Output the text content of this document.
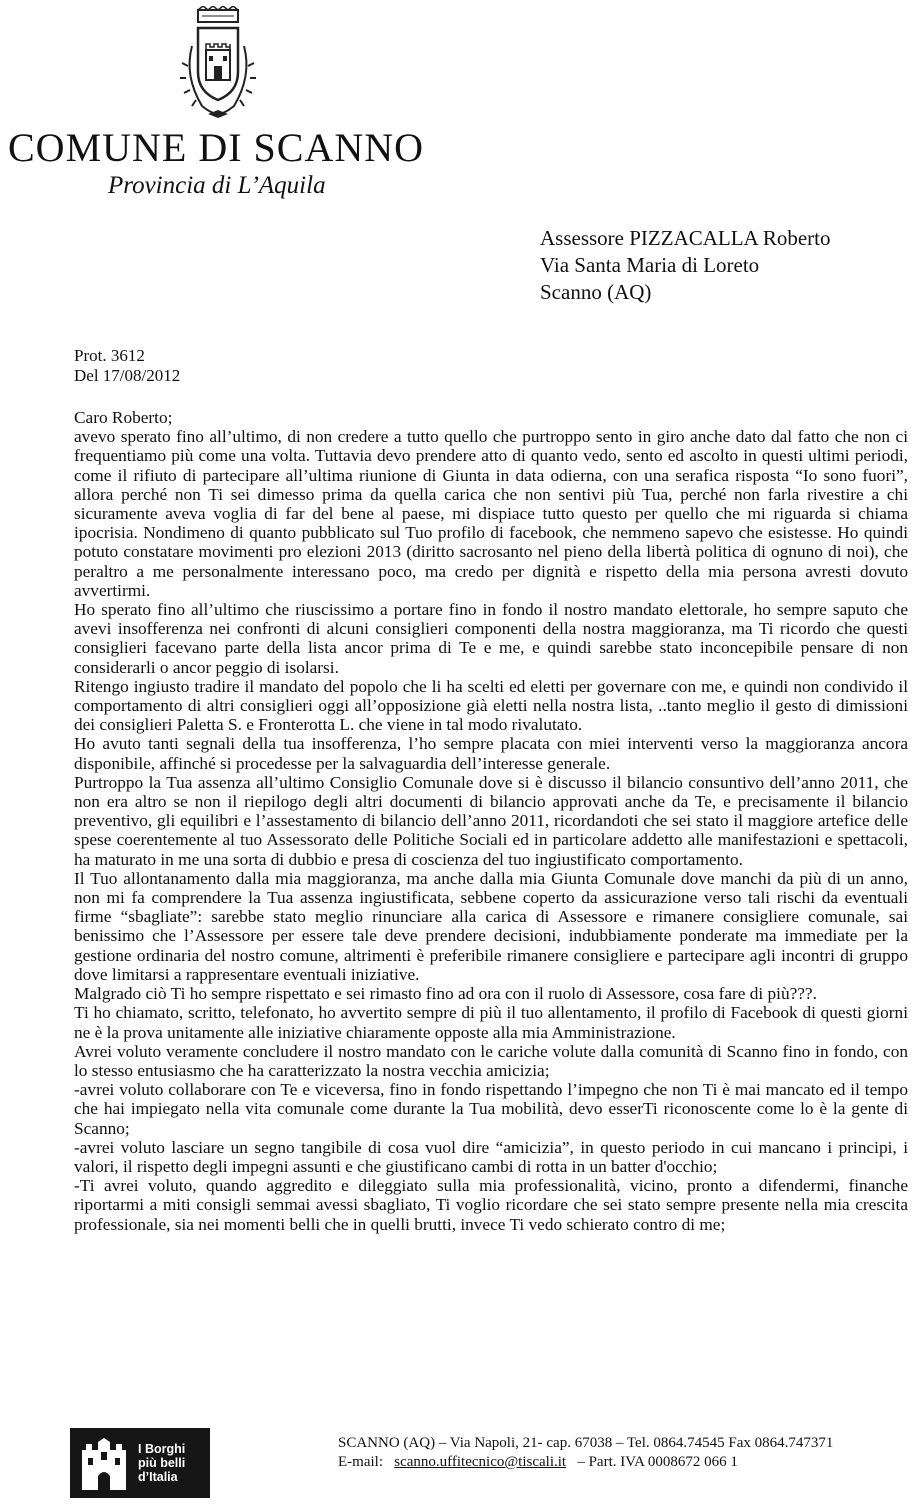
COMUNE DI SCANNO
Provincia di L’Aquila
Assessore PIZZACALLA Roberto
Via Santa Maria di Loreto
Scanno (AQ)
Prot. 3612
Del 17/08/2012

Caro Roberto;

avevo sperato fino all’ultimo, di non credere a tutto quello che purtroppo sento in giro anche dato dal fatto che non ci frequentiamo più come una volta. Tuttavia devo prendere atto di quanto vedo, sento ed ascolto in questi ultimi periodi, come il rifiuto di partecipare all’ultima riunione di Giunta in data odierna, con una serafica risposta “Io sono fuori”, allora perché non Ti sei dimesso prima da quella carica che non sentivi più Tua, perché non farla rivestire a chi sicuramente aveva voglia di far del bene al paese, mi dispiace tutto questo per quello che mi riguarda si chiama ipocrisia. Nondimeno di quanto pubblicato sul Tuo profilo di facebook, che nemmeno sapevo che esistesse. Ho quindi potuto constatare movimenti pro elezioni 2013 (diritto sacrosanto nel pieno della libertà politica di ognuno di noi), che peraltro a me personalmente interessano poco, ma credo per dignità e rispetto della mia persona avresti dovuto avvertirmi.

Ho sperato fino all’ultimo che riuscissimo a portare fino in fondo il nostro mandato elettorale, ho sempre saputo che avevi insofferenza nei confronti di alcuni consiglieri componenti della nostra maggioranza, ma Ti ricordo che questi consiglieri facevano parte della lista ancor prima di Te e me, e quindi sarebbe stato inconcepibile pensare di non considerarli o ancor peggio di isolarsi.

Ritengo ingiusto tradire il mandato del popolo che li ha scelti ed eletti per governare con me, e quindi non condivido il comportamento di altri consiglieri oggi all’opposizione già eletti nella nostra lista, ..tanto meglio il gesto di dimissioni dei consiglieri Paletta S. e Fronterotta L. che viene in tal modo rivalutato.

Ho avuto tanti segnali della tua insofferenza, l’ho sempre placata con miei interventi verso la maggioranza ancora disponibile, affinché si procedesse per la salvaguardia dell’interesse generale.

Purtroppo la Tua assenza all’ultimo Consiglio Comunale dove si è discusso il bilancio consuntivo dell’anno 2011, che non era altro se non il riepilogo degli altri documenti di bilancio approvati anche da Te, e precisamente il bilancio preventivo, gli equilibri e l’assestamento di bilancio dell’anno 2011, ricordandoti che sei stato il maggiore artefice delle spese coerentemente al tuo Assessorato delle Politiche Sociali ed in particolare addetto alle manifestazioni e spettacoli, ha maturato in me una sorta di dubbio e presa di coscienza del tuo ingiustificato comportamento.

Il Tuo allontanamento dalla mia maggioranza, ma anche dalla mia Giunta Comunale dove manchi da più di un anno, non mi fa comprendere la Tua assenza ingiustificata, sebbene coperto da assicurazione verso tali rischi da eventuali firme “sbagliate”: sarebbe stato meglio rinunciare alla carica di Assessore e rimanere consigliere comunale, sai benissimo che l’Assessore per essere tale deve prendere decisioni, indubbiamente ponderate ma immediate per la gestione ordinaria del nostro comune, altrimenti è preferibile rimanere consigliere e partecipare agli incontri di gruppo dove limitarsi a rappresentare eventuali iniziative.

Malgrado ciò Ti ho sempre rispettato e sei rimasto fino ad ora con il ruolo di Assessore, cosa fare di più???.

Ti ho chiamato, scritto, telefonato, ho avvertito sempre di più il tuo allentamento, il profilo di Facebook di questi giorni ne è la prova unitamente alle iniziative chiaramente opposte alla mia Amministrazione.

Avrei voluto veramente concludere il nostro mandato con le cariche volute dalla comunità di Scanno fino in fondo, con lo stesso entusiasmo che ha caratterizzato la nostra vecchia amicizia;

-avrei voluto collaborare con Te e viceversa, fino in fondo rispettando l’impegno che non Ti è mai mancato ed il tempo che hai impiegato nella vita comunale come durante la Tua mobilità, devo esserTi riconoscente come lo è la gente di Scanno;

-avrei voluto lasciare un segno tangibile di cosa vuol dire “amicizia”, in questo periodo in cui mancano i principi, i valori, il rispetto degli impegni assunti e che giustificano cambi di rotta in un batter d'occhio;

-Ti avrei voluto, quando aggredito e dileggiato sulla mia professionalità, vicino, pronto a difendermi, finanche riportarmi a miti consigli semmai avessi sbagliato, Ti voglio ricordare che sei stato sempre presente nella mia crescita professionale, sia nei momenti belli che in quelli brutti, invece Ti vedo schierato contro di me;

I Borghi
più belli
d’Italia
SCANNO (AQ) – Via Napoli, 21- cap. 67038 – Tel. 0864.74545 Fax 0864.747371
E-mail: scanno.uffitecnico@tiscali.it – Part. IVA 0008672 066 1
